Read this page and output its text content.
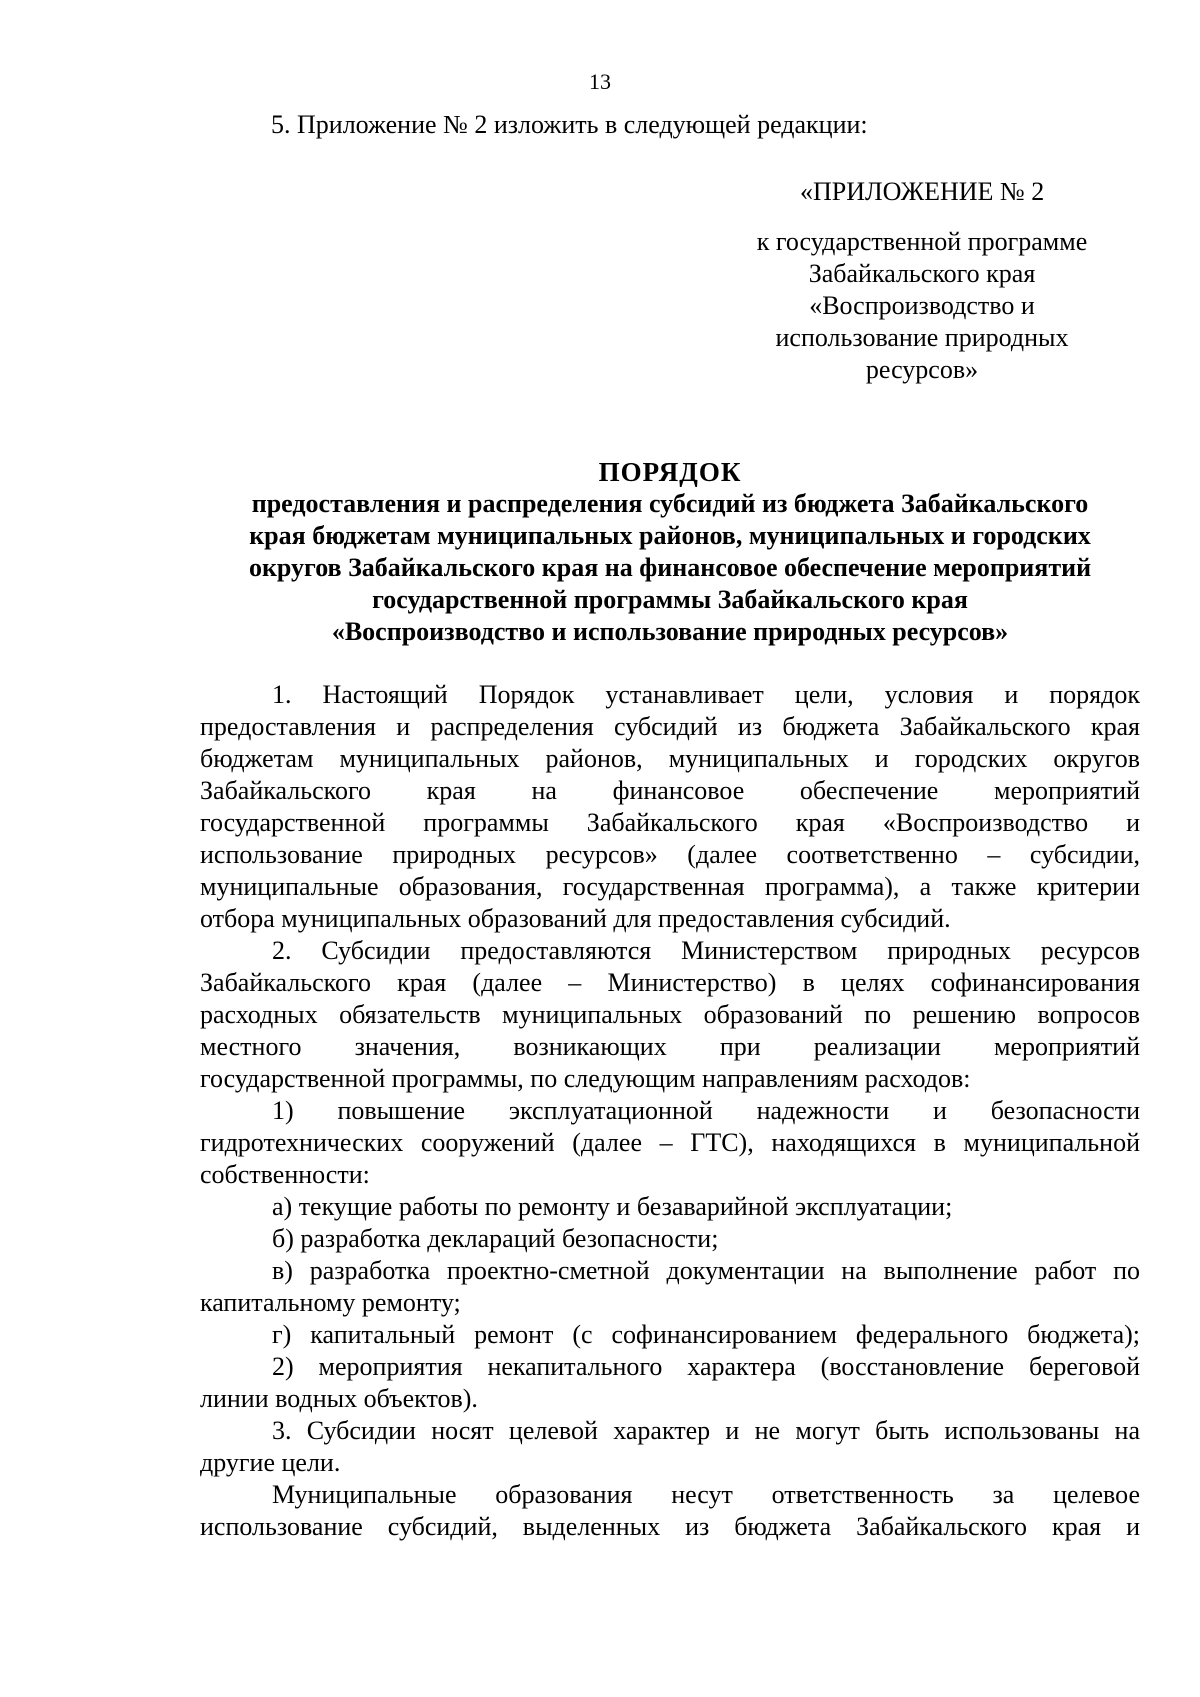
13
5. Приложение № 2 изложить в следующей редакции:
«ПРИЛОЖЕНИЕ № 2
к государственной программе
Забайкальского края
«Воспроизводство и
использование природных
ресурсов»
ПОРЯДОК
предоставления и распределения субсидий из бюджета Забайкальского
края бюджетам муниципальных районов, муниципальных и городских
округов Забайкальского края на финансовое обеспечение мероприятий
государственной программы Забайкальского края
«Воспроизводство и использование природных ресурсов»
1. Настоящий Порядок устанавливает цели, условия и порядок
предоставления и распределения субсидий из бюджета Забайкальского края
бюджетам муниципальных районов, муниципальных и городских округов
Забайкальского края на финансовое обеспечение мероприятий
государственной программы Забайкальского края «Воспроизводство и
использование природных ресурсов» (далее соответственно – субсидии,
муниципальные образования, государственная программа), а также критерии
отбора муниципальных образований для предоставления субсидий.
2. Субсидии предоставляются Министерством природных ресурсов
Забайкальского края (далее – Министерство) в целях софинансирования
расходных обязательств муниципальных образований по решению вопросов
местного значения, возникающих при реализации мероприятий
государственной программы, по следующим направлениям расходов:
1) повышение эксплуатационной надежности и безопасности
гидротехнических сооружений (далее – ГТС), находящихся в муниципальной
собственности:
а) текущие работы по ремонту и безаварийной эксплуатации;
б) разработка деклараций безопасности;
в) разработка проектно-сметной документации на выполнение работ по
капитальному ремонту;
г) капитальный ремонт (с софинансированием федерального бюджета);
2) мероприятия некапитального характера (восстановление береговой
линии водных объектов).
3. Субсидии носят целевой характер и не могут быть использованы на
другие цели.
Муниципальные образования несут ответственность за целевое
использование субсидий, выделенных из бюджета Забайкальского края и
